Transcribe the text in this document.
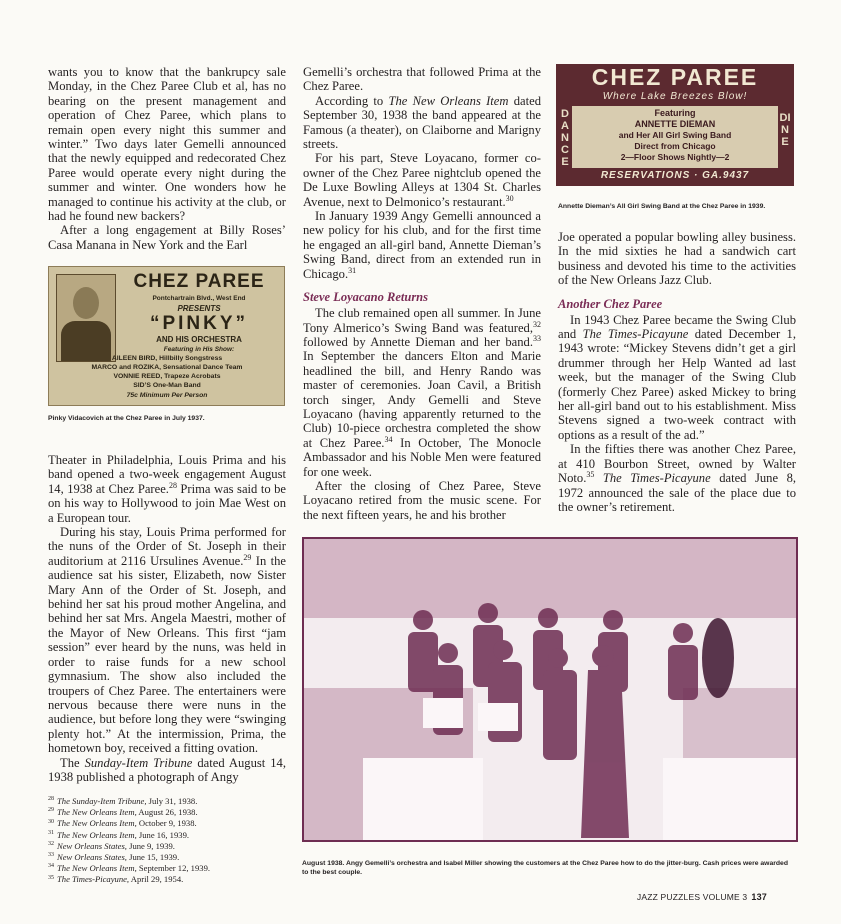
wants you to know that the bankrupcy sale Monday, in the Chez Paree Club et al, has no bearing on the present management and operation of Chez Paree, which plans to remain open every night this summer and winter.” Two days later Gemelli announced that the newly equipped and redecorated Chez Paree would operate every night during the summer and winter. One wonders how he managed to continue his activity at the club, or had he found new backers?

After a long engagement at Billy Roses’ Casa Manana in New York and the Earl

CHEZ PAREE
Pontchartrain Blvd., West End
PRESENTS
“PINKY”
AND HIS ORCHESTRA
Featuring in His Show:
AILEEN BIRD, Hillbilly Songstress
MARCO and ROZIKA, Sensational Dance Team
VONNIE REED, Trapeze Acrobats
SID’S One-Man Band
75c Minimum Per Person
Pinky Vidacovich at the Chez Paree in July 1937.

Theater in Philadelphia, Louis Prima and his band opened a two-week engagement August 14, 1938 at Chez Paree.$^{28}$ Prima was said to be on his way to Hollywood to join Mae West on a European tour.

During his stay, Louis Prima performed for the nuns of the Order of St. Joseph in their auditorium at 2116 Ursulines Avenue.$^{29}$ In the audience sat his sister, Elizabeth, now Sister Mary Ann of the Order of St. Joseph, and behind her sat his proud mother Angelina, and behind her sat Mrs. Angela Maestri, mother of the Mayor of New Orleans. This first “jam session” ever heard by the nuns, was held in order to raise funds for a new school gymnasium. The show also included the troupers of Chez Paree. The entertainers were nervous because there were nuns in the audience, but before long they were “swinging plenty hot.” At the intermission, Prima, the hometown boy, received a fitting ovation.

The Sunday-Item Tribune dated August 14, 1938 published a photograph of Angy

$^{28}$ The Sunday-Item Tribune, July 31, 1938.
$^{29}$ The New Orleans Item, August 26, 1938.
$^{30}$ The New Orleans Item, October 9, 1938.
$^{31}$ The New Orleans Item, June 16, 1939.
$^{32}$ New Orleans States, June 9, 1939.
$^{33}$ New Orleans States, June 15, 1939.
$^{34}$ The New Orleans Item, September 12, 1939.
$^{35}$ The Times-Picayune, April 29, 1954.

Gemelli’s orchestra that followed Prima at the Chez Paree.

According to The New Orleans Item dated September 30, 1938 the band appeared at the Famous (a theater), on Claiborne and Marigny streets.

For his part, Steve Loyacano, former co-owner of the Chez Paree nightclub opened the De Luxe Bowling Alleys at 1304 St. Charles Avenue, next to Delmonico’s restaurant.$^{30}$

In January 1939 Angy Gemelli announced a new policy for his club, and for the first time he engaged an all-girl band, Annette Dieman’s Swing Band, direct from an extended run in Chicago.$^{31}$

Steve Loyacano Returns

The club remained open all summer. In June Tony Almerico’s Swing Band was featured,$^{32}$ followed by Annette Dieman and her band.$^{33}$ In September the dancers Elton and Marie headlined the bill, and Henry Rando was master of ceremonies. Joan Cavil, a British torch singer, Andy Gemelli and Steve Loyacano (having apparently returned to the Club) 10-piece orchestra completed the show at Chez Paree.$^{34}$ In October, The Monocle Ambassador and his Noble Men were featured for one week.

After the closing of Chez Paree, Steve Loyacano retired from the music scene. For the next fifteen years, he and his brother

CHEZ PAREE
Where Lake Breezes Blow!
DANCE
DINE
Featuring
ANNETTE DIEMAN
and Her All Girl Swing Band
Direct from Chicago
2—Floor Shows Nightly—2
RESERVATIONS · GA.9437
Annette Dieman’s All Girl Swing Band at the Chez Paree in 1939.

Joe operated a popular bowling alley business. In the mid sixties he had a sandwich cart business and devoted his time to the activities of the New Orleans Jazz Club.

Another Chez Paree

In 1943 Chez Paree became the Swing Club and The Times-Picayune dated December 1, 1943 wrote: “Mickey Stevens didn’t get a girl drummer through her Help Wanted ad last week, but the manager of the Swing Club (formerly Chez Paree) asked Mickey to bring her all-girl band out to his establishment. Miss Stevens signed a two-week contract with options as a result of the ad.”

In the fifties there was another Chez Paree, at 410 Bourbon Street, owned by Walter Noto.$^{35}$ The Times-Picayune dated June 8, 1972 announced the sale of the place due to the owner’s retirement.

August 1938. Angy Gemelli’s orchestra and Isabel Miller showing the customers at the Chez Paree how to do the jitter-burg. Cash prices were awarded to the best couple.
JAZZ PUZZLES VOLUME 3 137
